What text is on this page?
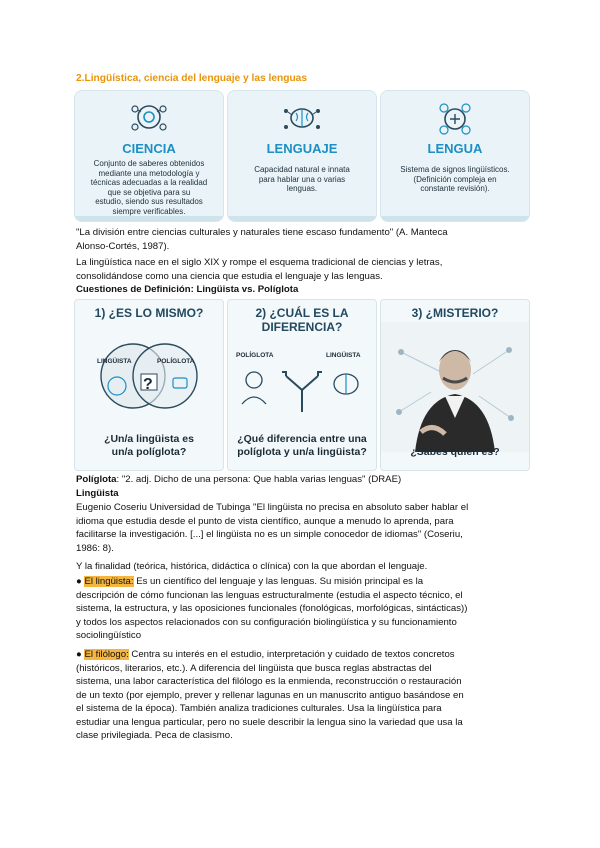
2.Lingüística, ciencia del lenguaje y las lenguas
CIENCIA
Conjunto de saberes obtenidos
mediante una metodología y
técnicas adecuadas a la realidad
que se objetiva para su
estudio, siendo sus resultados
siempre verificables.
LENGUAJE
Capacidad natural e innata
para hablar una o varias
lenguas.
LENGUA
Sistema de signos lingüísticos.
(Definición compleja en
constante revisión).
"La división entre ciencias culturales y naturales tiene escaso fundamento" (A. Manteca
Alonso-Cortés, 1987).
La lingüística nace en el siglo XIX y rompe el esquema tradicional de ciencias y letras,
consolidándose como una ciencia que estudia el lenguaje y las lenguas.
Cuestiones de Definición: Lingüista vs. Políglota
1) ¿ES LO MISMO?
LINGÜISTA	POLÍGLOTA
?
¿Un/a lingüista es
un/a políglota?
2) ¿CUÁL ES LA
DIFERENCIA?
POLÍGLOTA	LINGÜISTA
¿Qué diferencia entre una
políglota y un/a lingüista?
3) ¿MISTERIO?
¿Sabes quién es?
Políglota: "2. adj. Dicho de una persona: Que habla varias lenguas" (DRAE)
Lingüista
Eugenio Coseriu Universidad de Tubinga "El lingüista no precisa en absoluto saber hablar el
idioma que estudia desde el punto de vista científico, aunque a menudo lo aprenda, para
facilitarse la investigación. [...] el lingüista no es un simple conocedor de idiomas" (Coseriu,
1986: 8).
Y la finalidad (teórica, histórica, didáctica o clínica) con la que abordan el lenguaje.
● El lingüista: Es un científico del lenguaje y las lenguas. Su misión principal es la
descripción de cómo funcionan las lenguas estructuralmente (estudia el aspecto técnico, el
sistema, la estructura, y las oposiciones funcionales (fonológicas, morfológicas, sintácticas))
y todos los aspectos relacionados con su configuración biolingüística y su funcionamiento
sociolingüístico
● El filólogo: Centra su interés en el estudio, interpretación y cuidado de textos concretos
(históricos, literarios, etc.). A diferencia del lingüista que busca reglas abstractas del
sistema, una labor característica del filólogo es la enmienda, reconstrucción o restauración
de un texto (por ejemplo, prever y rellenar lagunas en un manuscrito antiguo basándose en
el sistema de la época). También analiza tradiciones culturales. Usa la lingüística para
estudiar una lengua particular, pero no suele describir la lengua sino la variedad que usa la
clase privilegiada. Peca de clasismo.
